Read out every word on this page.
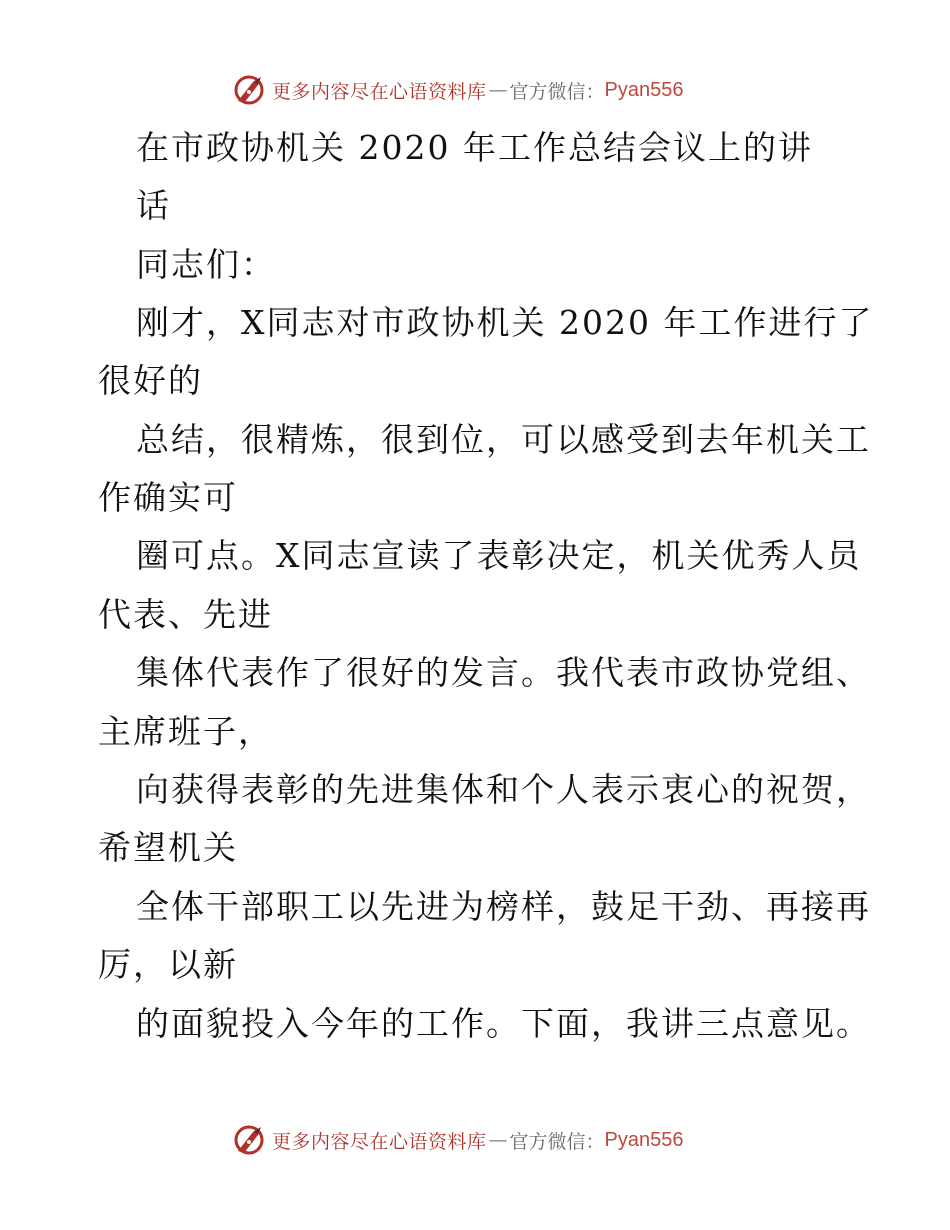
更多内容尽在心语资料库 — 官方微信： Pyan556
在市政协机关 2020 年工作总结会议上的讲
话
同志们：
刚才，X同志对市政协机关 2020 年工作进行了
很好的
总结，很精炼，很到位，可以感受到去年机关工
作确实可
圈可点。X同志宣读了表彰决定，机关优秀人员
代表、先进
集体代表作了很好的发言。我代表市政协党组、
主席班子，
向获得表彰的先进集体和个人表示衷心的祝贺，
希望机关
全体干部职工以先进为榜样，鼓足干劲、再接再
厉，以新
的面貌投入今年的工作。下面，我讲三点意见。
更多内容尽在心语资料库 — 官方微信： Pyan556
